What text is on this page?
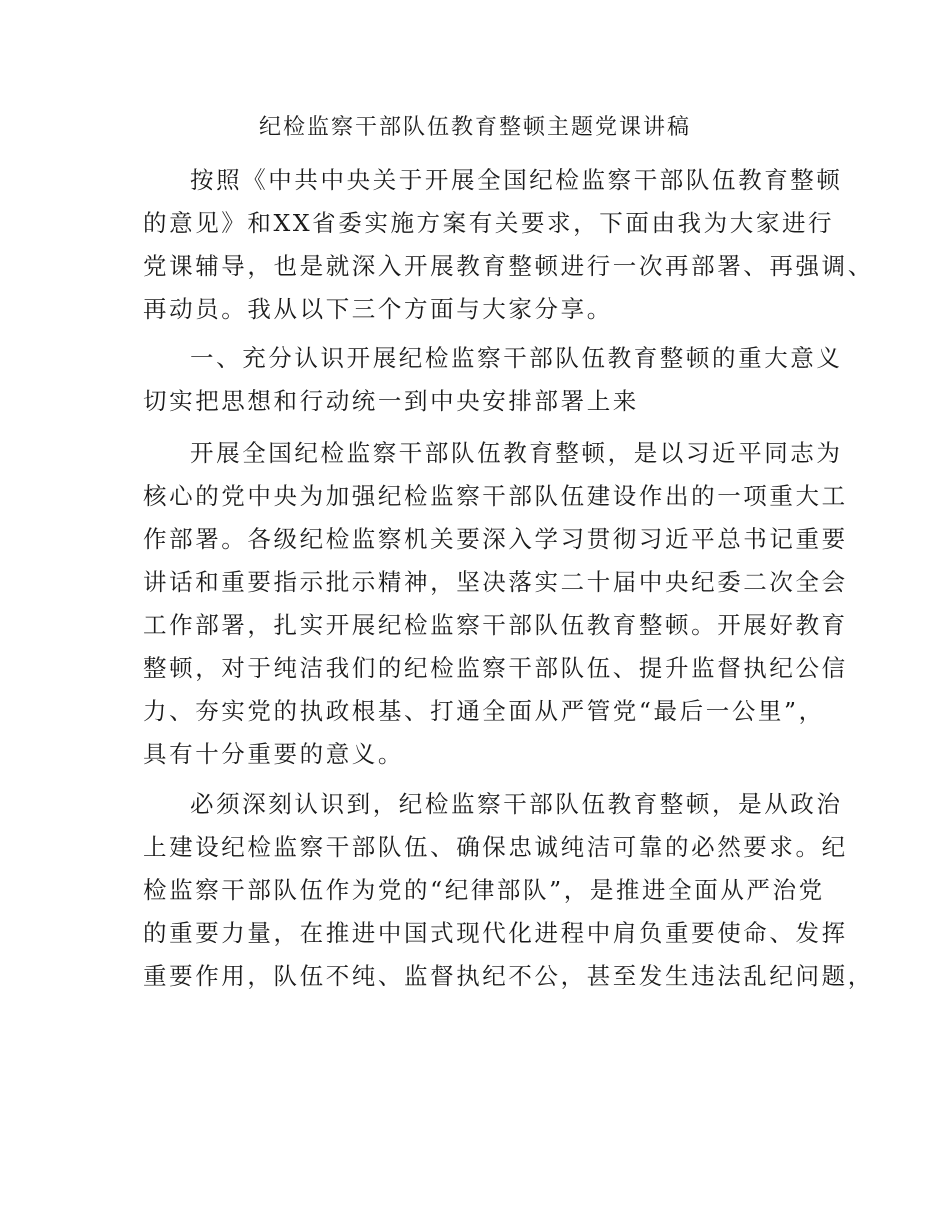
纪检监察干部队伍教育整顿主题党课讲稿

按照《中共中央关于开展全国纪检监察干部队伍教育整顿

的意见》和XX省委实施方案有关要求，下面由我为大家进行

党课辅导，也是就深入开展教育整顿进行一次再部署、再强调、

再动员。我从以下三个方面与大家分享。

一、充分认识开展纪检监察干部队伍教育整顿的重大意义

切实把思想和行动统一到中央安排部署上来

开展全国纪检监察干部队伍教育整顿，是以习近平同志为

核心的党中央为加强纪检监察干部队伍建设作出的一项重大工

作部署。各级纪检监察机关要深入学习贯彻习近平总书记重要

讲话和重要指示批示精神，坚决落实二十届中央纪委二次全会

工作部署，扎实开展纪检监察干部队伍教育整顿。开展好教育

整顿，对于纯洁我们的纪检监察干部队伍、提升监督执纪公信

力、夯实党的执政根基、打通全面从严管党“最后一公里”，

具有十分重要的意义。

必须深刻认识到，纪检监察干部队伍教育整顿，是从政治

上建设纪检监察干部队伍、确保忠诚纯洁可靠的必然要求。纪

检监察干部队伍作为党的“纪律部队”，是推进全面从严治党

的重要力量，在推进中国式现代化进程中肩负重要使命、发挥

重要作用，队伍不纯、监督执纪不公，甚至发生违法乱纪问题，
